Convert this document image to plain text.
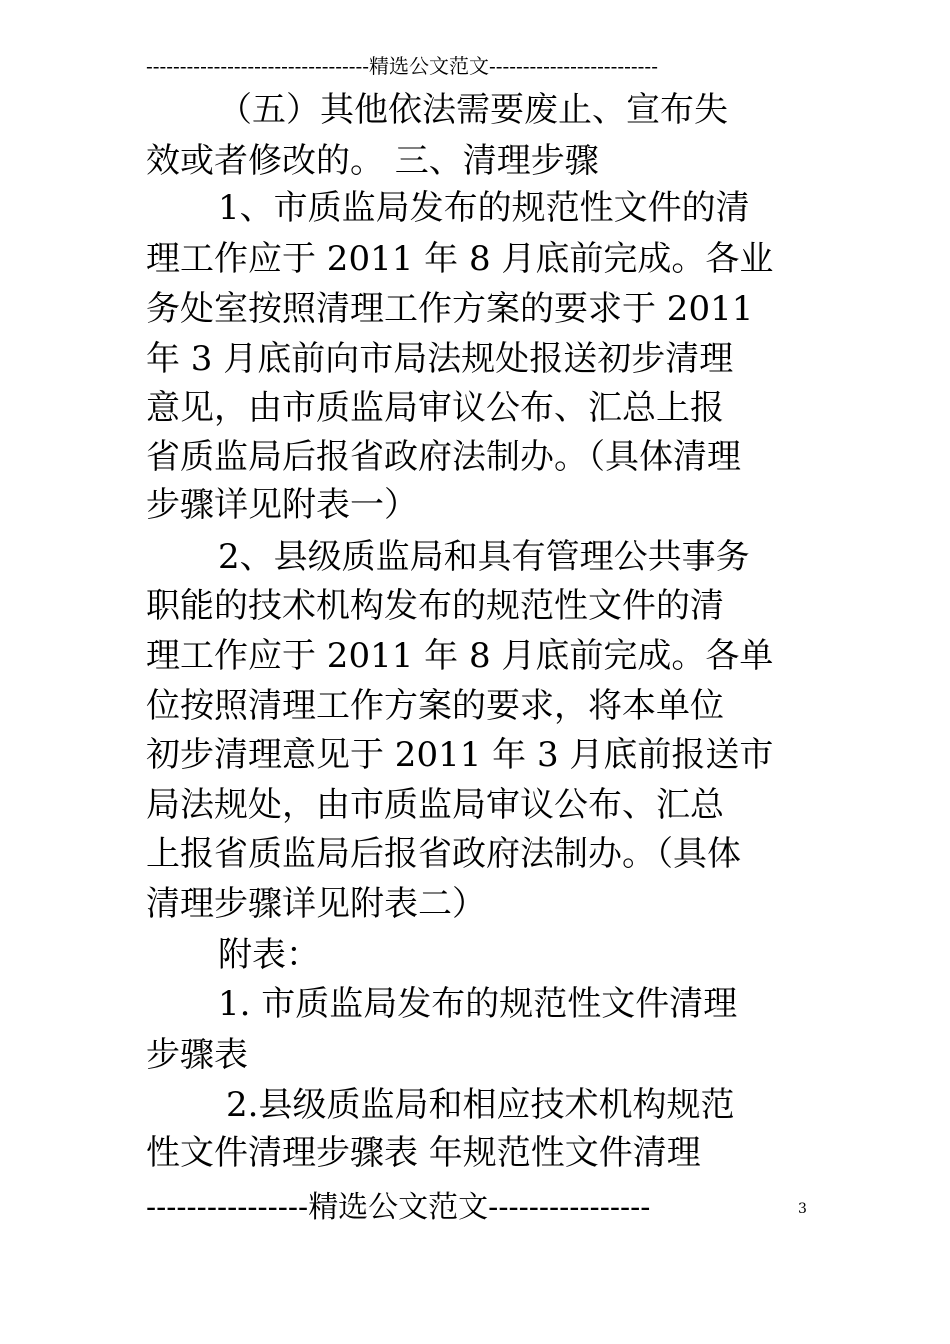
---------------------------------精选公文范文-------------------------
（五）其他依法需要废止、宣布失
效或者修改的。 三、清理步骤
1、市质监局发布的规范性文件的清
理工作应于 2011 年 8 月底前完成。各业
务处室按照清理工作方案的要求于 2011
年 3 月底前向市局法规处报送初步清理
意见，由市质监局审议公布、汇总上报
省质监局后报省政府法制办。（具体清理
步骤详见附表一）
2、县级质监局和具有管理公共事务
职能的技术机构发布的规范性文件的清
理工作应于 2011 年 8 月底前完成。各单
位按照清理工作方案的要求，将本单位
初步清理意见于 2011 年 3 月底前报送市
局法规处，由市质监局审议公布、汇总
上报省质监局后报省政府法制办。（具体
清理步骤详见附表二）
附表：
1. 市质监局发布的规范性文件清理
步骤表
2.县级质监局和相应技术机构规范
性文件清理步骤表 年规范性文件清理
----------------精选公文范文----------------	3
